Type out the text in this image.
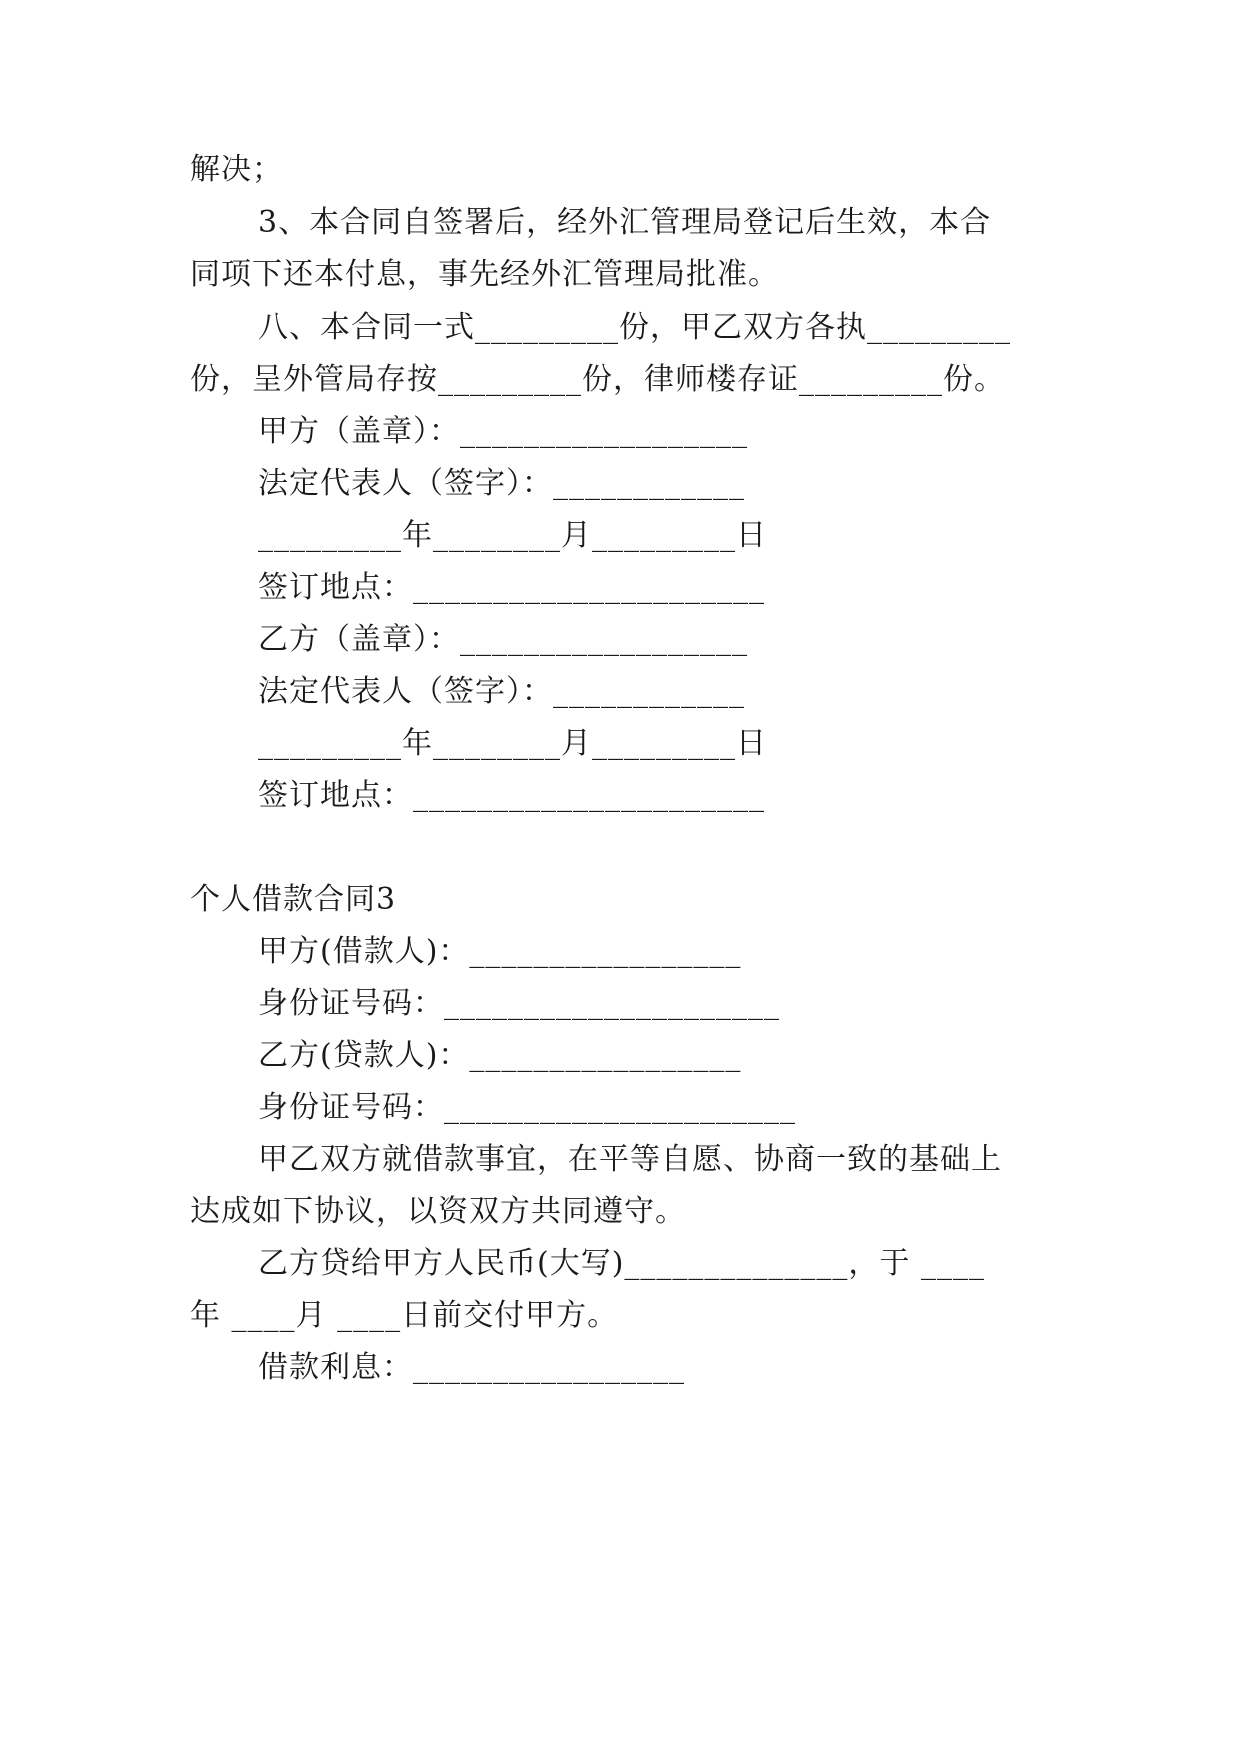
解决；
3、本合同自签署后，经外汇管理局登记后生效，本合
同项下还本付息，事先经外汇管理局批准。
八、本合同一式_________份，甲乙双方各执_________
份，呈外管局存按_________份，律师楼存证_________份。
甲方（盖章）：__________________
法定代表人（签字）：____________
_________年________月_________日
签订地点：______________________
乙方（盖章）：__________________
法定代表人（签字）：____________
_________年________月_________日
签订地点：______________________
个人借款合同3
甲方(借款人)：_________________
身份证号码：_____________________
乙方(贷款人)：_________________
身份证号码：______________________
甲乙双方就借款事宜，在平等自愿、协商一致的基础上
达成如下协议，以资双方共同遵守。
乙方贷给甲方人民币(大写)______________，于 ____
年 ____月 ____日前交付甲方。
借款利息：_________________
